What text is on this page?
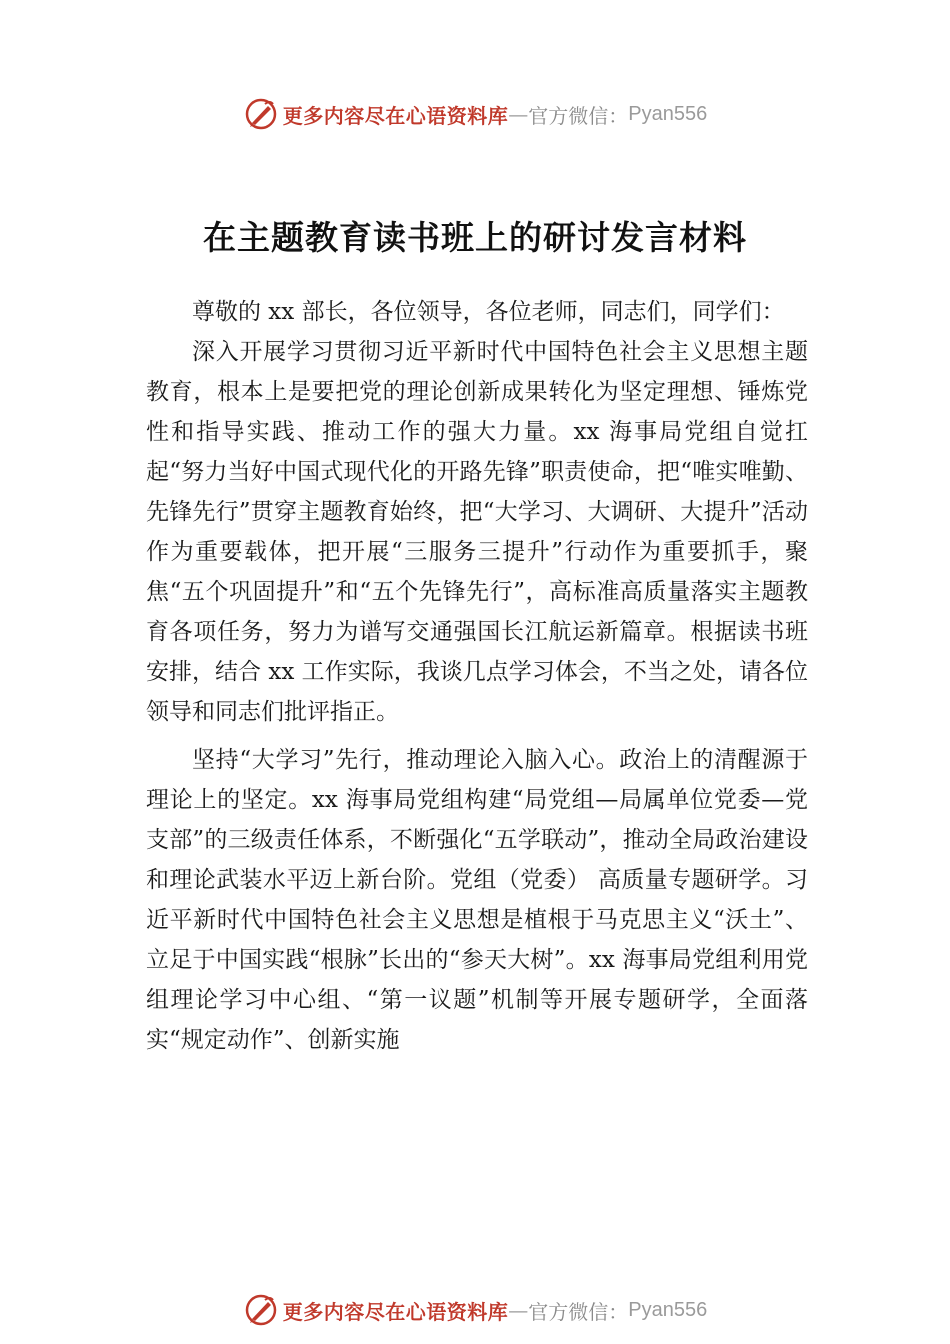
更多内容尽在心语资料库 — 官方微信： Pyan556
在主题教育读书班上的研讨发言材料

尊敬的 xx 部长，各位领导，各位老师，同志们，同学们：

深入开展学习贯彻习近平新时代中国特色社会主义思想主题教育，根本上是要把党的理论创新成果转化为坚定理想、锤炼党性和指导实践、推动工作的强大力量。xx 海事局党组自觉扛起“努力当好中国式现代化的开路先锋”职责使命，把“唯实唯勤、先锋先行”贯穿主题教育始终，把“大学习、大调研、大提升”活动作为重要载体，把开展“三服务三提升”行动作为重要抓手，聚焦“五个巩固提升”和“五个先锋先行”，高标准高质量落实主题教育各项任务，努力为谱写交通强国长江航运新篇章。根据读书班安排，结合 xx 工作实际，我谈几点学习体会，不当之处，请各位领导和同志们批评指正。

坚持“大学习”先行，推动理论入脑入心。政治上的清醒源于理论上的坚定。xx 海事局党组构建“局党组—局属单位党委—党支部”的三级责任体系，不断强化“五学联动”，推动全局政治建设和理论武装水平迈上新台阶。党组（党委） 高质量专题研学。习近平新时代中国特色社会主义思想是植根于马克思主义“沃土”、立足于中国实践“根脉”长出的“参天大树”。xx 海事局党组利用党组理论学习中心组、“第一议题”机制等开展专题研学，全面落实“规定动作”、创新实施

更多内容尽在心语资料库 — 官方微信： Pyan556
